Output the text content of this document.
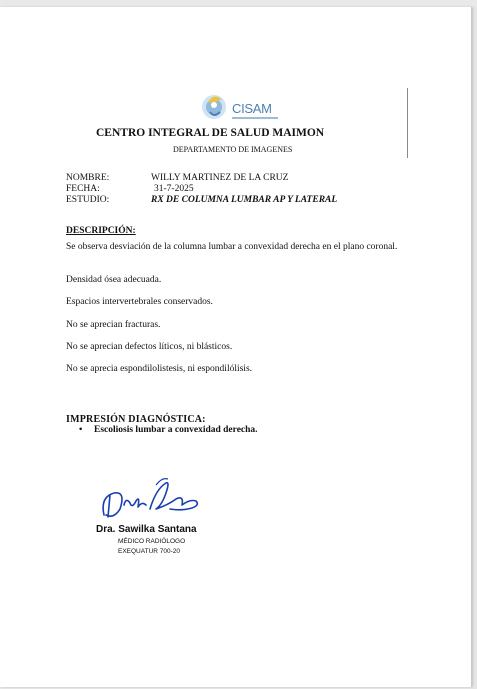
CISAM
CENTRO INTEGRAL DE SALUD MAIMON
DEPARTAMENTO DE IMAGENES
NOMBRE:	WILLY MARTINEZ DE LA CRUZ
FECHA:	31-7-2025
ESTUDIO:	RX DE COLUMNA LUMBAR AP Y LATERAL
DESCRIPCIÓN:
Se observa desviación de la columna lumbar a convexidad derecha en el plano coronal.
Densidad ósea adecuada.
Espacios intervertebrales conservados.
No se aprecian fracturas.
No se aprecian defectos líticos, ni blásticos.
No se aprecia espondilolistesis, ni espondilólisis.
IMPRESIÓN DIAGNÓSTICA:
• Escoliosis lumbar a convexidad derecha.
Dra. Sawilka Santana
MÉDICO RADIÓLOGO
EXEQUATUR 700-20
